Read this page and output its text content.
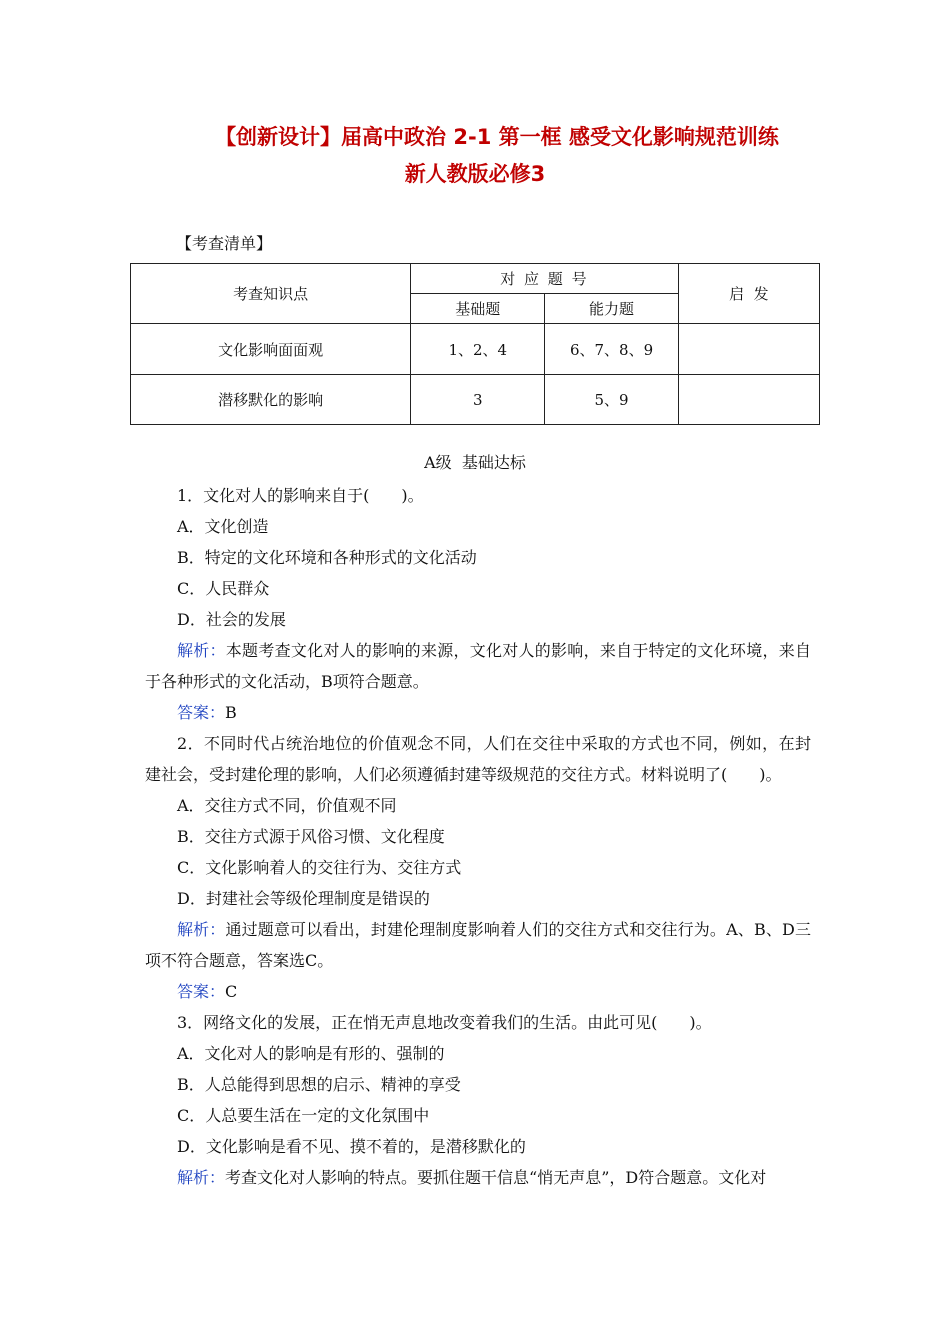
【创新设计】届高中政治 2-1 第一框 感受文化影响规范训练
新人教版必修3
【考查清单】
考查知识点	对 应 题 号		启  发
	基础题	能力题	
文化影响面面观	1、2、4	6、7、8、9	
潜移默化的影响	3	5、9	
A级  基础达标

1．文化对人的影响来自于(　　)。

A．文化创造

B．特定的文化环境和各种形式的文化活动

C．人民群众

D．社会的发展

解析：本题考查文化对人的影响的来源，文化对人的影响，来自于特定的文化环境，来自于各种形式的文化活动，B项符合题意。

答案：B

2．不同时代占统治地位的价值观念不同，人们在交往中采取的方式也不同，例如，在封建社会，受封建伦理的影响，人们必须遵循封建等级规范的交往方式。材料说明了(　　)。

A．交往方式不同，价值观不同

B．交往方式源于风俗习惯、文化程度

C．文化影响着人的交往行为、交往方式

D．封建社会等级伦理制度是错误的

解析：通过题意可以看出，封建伦理制度影响着人们的交往方式和交往行为。A、B、D三项不符合题意，答案选C。

答案：C

3．网络文化的发展，正在悄无声息地改变着我们的生活。由此可见(　　)。

A．文化对人的影响是有形的、强制的

B．人总能得到思想的启示、精神的享受

C．人总要生活在一定的文化氛围中

D．文化影响是看不见、摸不着的，是潜移默化的

解析：考查文化对人影响的特点。要抓住题干信息“悄无声息”，D符合题意。文化对
